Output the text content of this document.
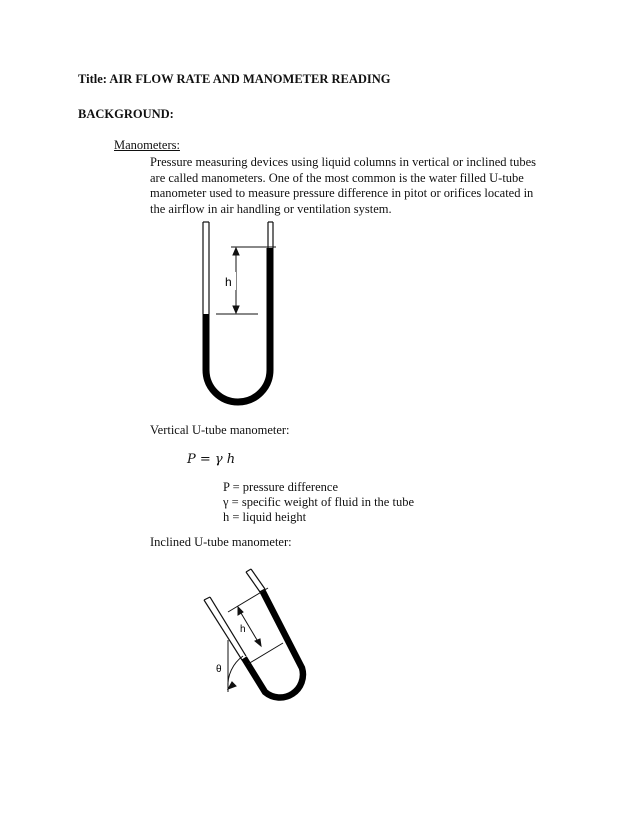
Title: AIR FLOW RATE AND MANOMETER READING
BACKGROUND:
Manometers:
Pressure measuring devices using liquid columns in vertical or inclined tubes are called manometers. One of the most common is the water filled U-tube manometer used to measure pressure difference in pitot or orifices located in the airflow in air handling or ventilation system.
h
Vertical U-tube manometer:
P = γ h
P = pressure difference
γ = specific weight of fluid in the tube
h = liquid height
Inclined U-tube manometer:
h
θ
